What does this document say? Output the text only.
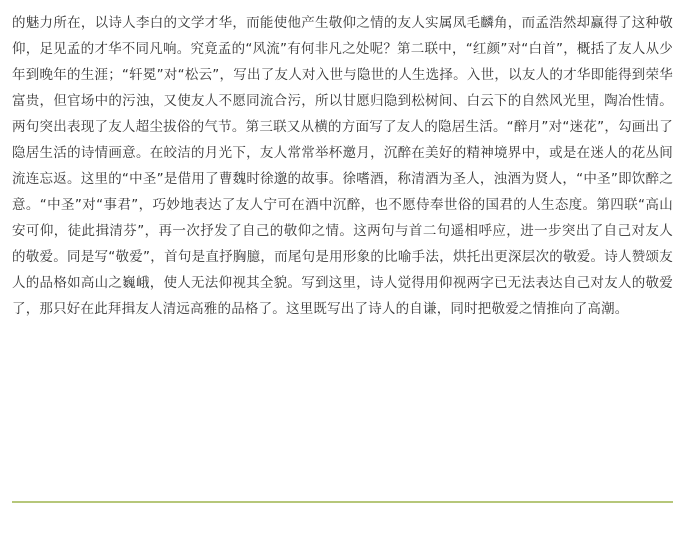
的魅力所在，以诗人李白的文学才华，而能使他产生敬仰之情的友人实属凤毛麟角，而孟浩然却赢得了这种敬仰，足见孟的才华不同凡响。究竟孟的“风流”有何非凡之处呢？第二联中，“红颜”对“白首”，概括了友人从少年到晚年的生涯；“轩冕”对“松云”，写出了友人对入世与隐世的人生选择。入世，以友人的才华即能得到荣华富贵，但官场中的污浊，又使友人不愿同流合污，所以甘愿归隐到松树间、白云下的自然风光里，陶冶性情。两句突出表现了友人超尘拔俗的气节。第三联又从横的方面写了友人的隐居生活。“醉月”对“迷花”，勾画出了隐居生活的诗情画意。在皎洁的月光下，友人常常举杯邀月，沉醉在美好的精神境界中，或是在迷人的花丛间流连忘返。这里的“中圣”是借用了曹魏时徐邈的故事。徐嗜酒，称清酒为圣人，浊酒为贤人，“中圣”即饮醉之意。“中圣”对“事君”，巧妙地表达了友人宁可在酒中沉醉，也不愿侍奉世俗的国君的人生态度。第四联“高山安可仰，徒此揖清芬”，再一次抒发了自己的敬仰之情。这两句与首二句遥相呼应，进一步突出了自己对友人的敬爱。同是写“敬爱”，首句是直抒胸臆，而尾句是用形象的比喻手法，烘托出更深层次的敬爱。诗人赞颂友人的品格如高山之巍峨，使人无法仰视其全貌。写到这里，诗人觉得用仰视两字已无法表达自己对友人的敬爱了，那只好在此拜揖友人清远高雅的品格了。这里既写出了诗人的自谦，同时把敬爱之情推向了高潮。
